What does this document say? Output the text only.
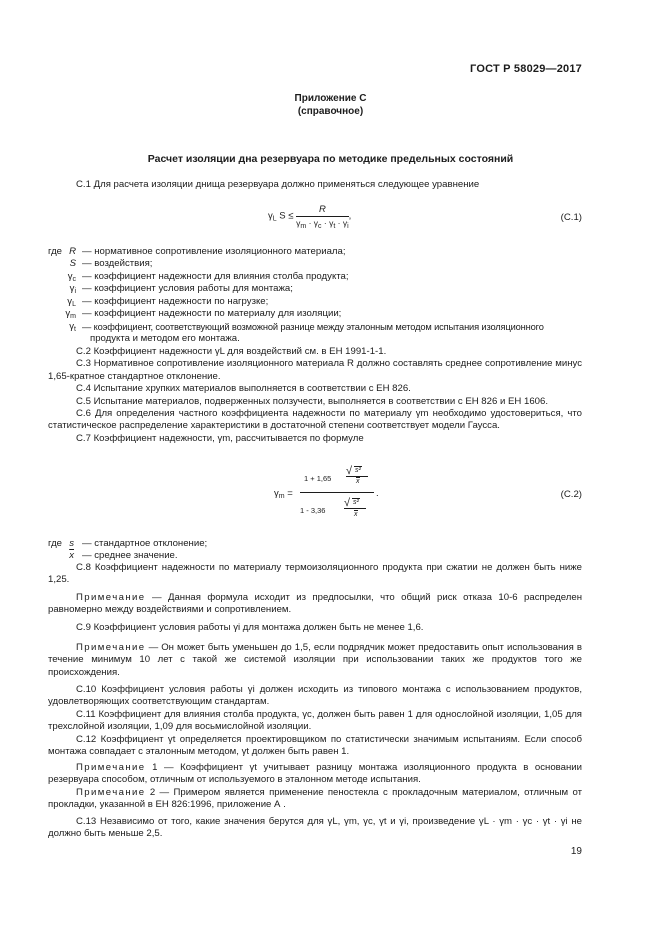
ГОСТ Р 58029—2017
Приложение С
(справочное)
Расчет изоляции дна резервуара по методике предельных состояний

С.1 Для расчета изоляции днища резервуара должно применяться следующее уравнение

$\gamma_L$ $S \le \frac{R}{\gamma_m \cdot \gamma_c \cdot \gamma_t \cdot \gamma_i}$ ,	(С.1)
где R — нормативное сопротивление изоляционного материала;
S — воздействия;
$\gamma_c$ — коэффициент надежности для влияния столба продукта;
$\gamma_i$ — коэффициент условия работы для монтажа;
$\gamma_L$ — коэффициент надежности по нагрузке;
$\gamma_m$ — коэффициент надежности по материалу для изоляции;
$\gamma_t$ — коэффициент, соответствующий возможной разнице между эталонным методом испытания изоляционного
продукта и методом его монтажа.

С.2 Коэффициент надежности γL для воздействий см. в ЕН 1991-1-1.

С.3 Нормативное сопротивление изоляционного материала R должно составлять среднее сопротивление минус 1,65-кратное стандартное отклонение.

С.4 Испытание хрупких материалов выполняется в соответствии с ЕН 826.

С.5 Испытание материалов, подверженных ползучести, выполняется в соответствии с ЕН 826 и ЕН 1606.

С.6 Для определения частного коэффициента надежности по материалу γm необходимо удостовериться, что статистическое распределение характеристики в достаточной степени соответствует модели Гаусса.

С.7 Коэффициент надежности, γm, рассчитывается по формуле

$\gamma_m$ =
1 + 1,65
√ s²
x
1 - 3,36
√ s²
x
.	(С.2)
где s — стандартное отклонение;
$\overline{x}$ — среднее значение.

С.8 Коэффициент надежности по материалу термоизоляционного продукта при сжатии не должен быть ниже 1,25.

Примечание — Данная формула исходит из предпосылки, что общий риск отказа 10-6 распределен равномерно между воздействиями и сопротивлением.

С.9 Коэффициент условия работы γi для монтажа должен быть не менее 1,6.

Примечание — Он может быть уменьшен до 1,5, если подрядчик может предоставить опыт использования в течение минимум 10 лет с такой же системой изоляции при использовании таких же продуктов того же происхождения.

С.10 Коэффициент условия работы γi должен исходить из типового монтажа с использованием продуктов, удовлетворяющих соответствующим стандартам.

С.11 Коэффициент для влияния столба продукта, γc, должен быть равен 1 для однослойной изоляции, 1,05 для трехслойной изоляции, 1,09 для восьмислойной изоляции.

С.12 Коэффициент γt определяется проектировщиком по статистически значимым испытаниям. Если способ монтажа совпадает с эталонным методом, γt должен быть равен 1.

Примечание 1 — Коэффициент γt учитывает разницу монтажа изоляционного продукта в основании резервуара способом, отличным от используемого в эталонном методе испытания.

Примечание 2 — Примером является применение пеностекла с прокладочным материалом, отличным от прокладки, указанной в ЕН 826:1996, приложение А .

С.13 Независимо от того, какие значения берутся для γL, γm, γc, γt и γi, произведение γL · γm · γc · γt · γi не должно быть меньше 2,5.

19
